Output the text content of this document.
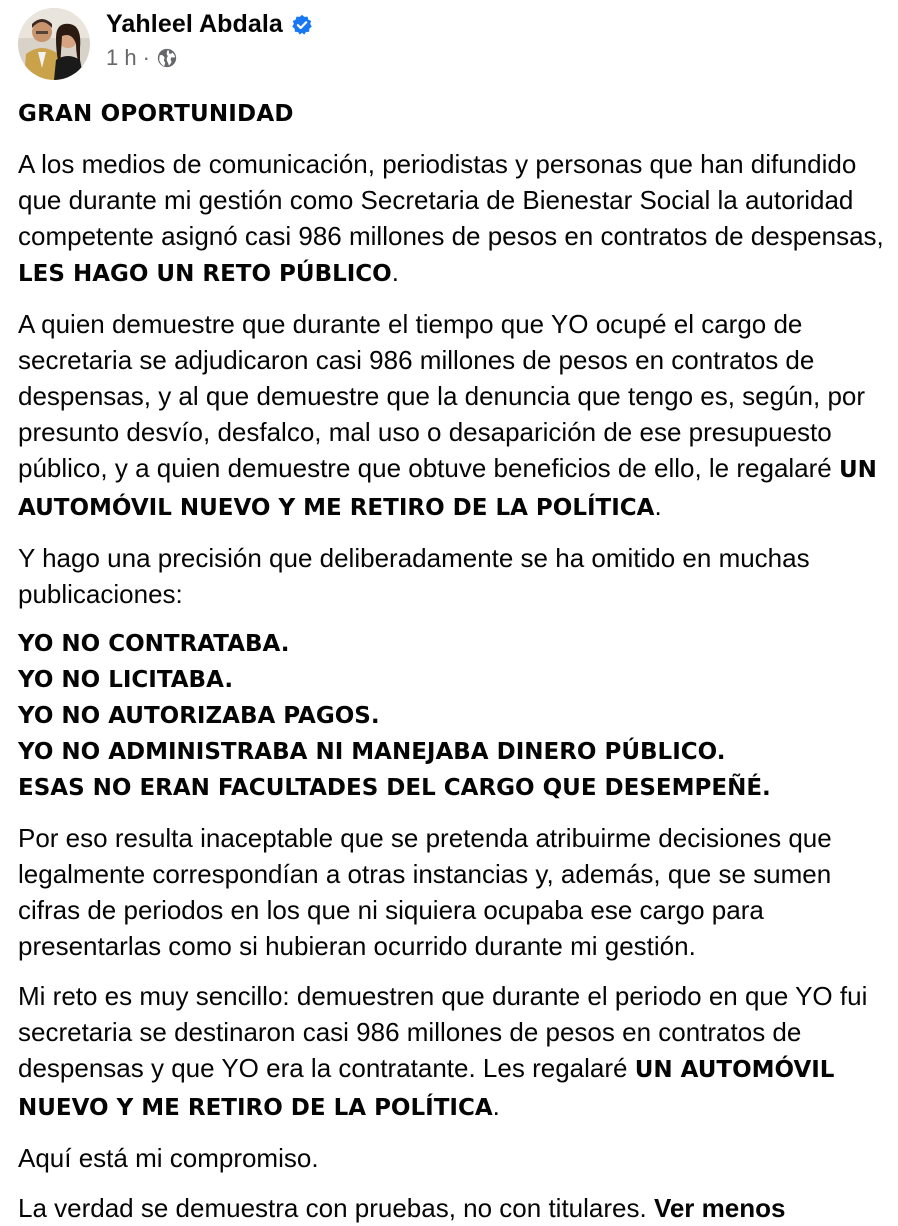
Yahleel Abdala
1 h ·

GRAN OPORTUNIDAD

A los medios de comunicación, periodistas y personas que han difundido que durante mi gestión como Secretaria de Bienestar Social la autoridad competente asignó casi 986 millones de pesos en contratos de despensas, LES HAGO UN RETO PÚBLICO.

A quien demuestre que durante el tiempo que YO ocupé el cargo de secretaria se adjudicaron casi 986 millones de pesos en contratos de despensas, y al que demuestre que la denuncia que tengo es, según, por presunto desvío, desfalco, mal uso o desaparición de ese presupuesto público, y a quien demuestre que obtuve beneficios de ello, le regalaré UN AUTOMÓVIL NUEVO Y ME RETIRO DE LA POLÍTICA.

Y hago una precisión que deliberadamente se ha omitido en muchas publicaciones:

YO NO CONTRATABA.
YO NO LICITABA.
YO NO AUTORIZABA PAGOS.
YO NO ADMINISTRABA NI MANEJABA DINERO PÚBLICO.
ESAS NO ERAN FACULTADES DEL CARGO QUE DESEMPEÑÉ.

Por eso resulta inaceptable que se pretenda atribuirme decisiones que legalmente correspondían a otras instancias y, además, que se sumen cifras de periodos en los que ni siquiera ocupaba ese cargo para presentarlas como si hubieran ocurrido durante mi gestión.

Mi reto es muy sencillo: demuestren que durante el periodo en que YO fui secretaria se destinaron casi 986 millones de pesos en contratos de despensas y que YO era la contratante. Les regalaré UN AUTOMÓVIL NUEVO Y ME RETIRO DE LA POLÍTICA.

Aquí está mi compromiso.

La verdad se demuestra con pruebas, no con titulares. Ver menos
